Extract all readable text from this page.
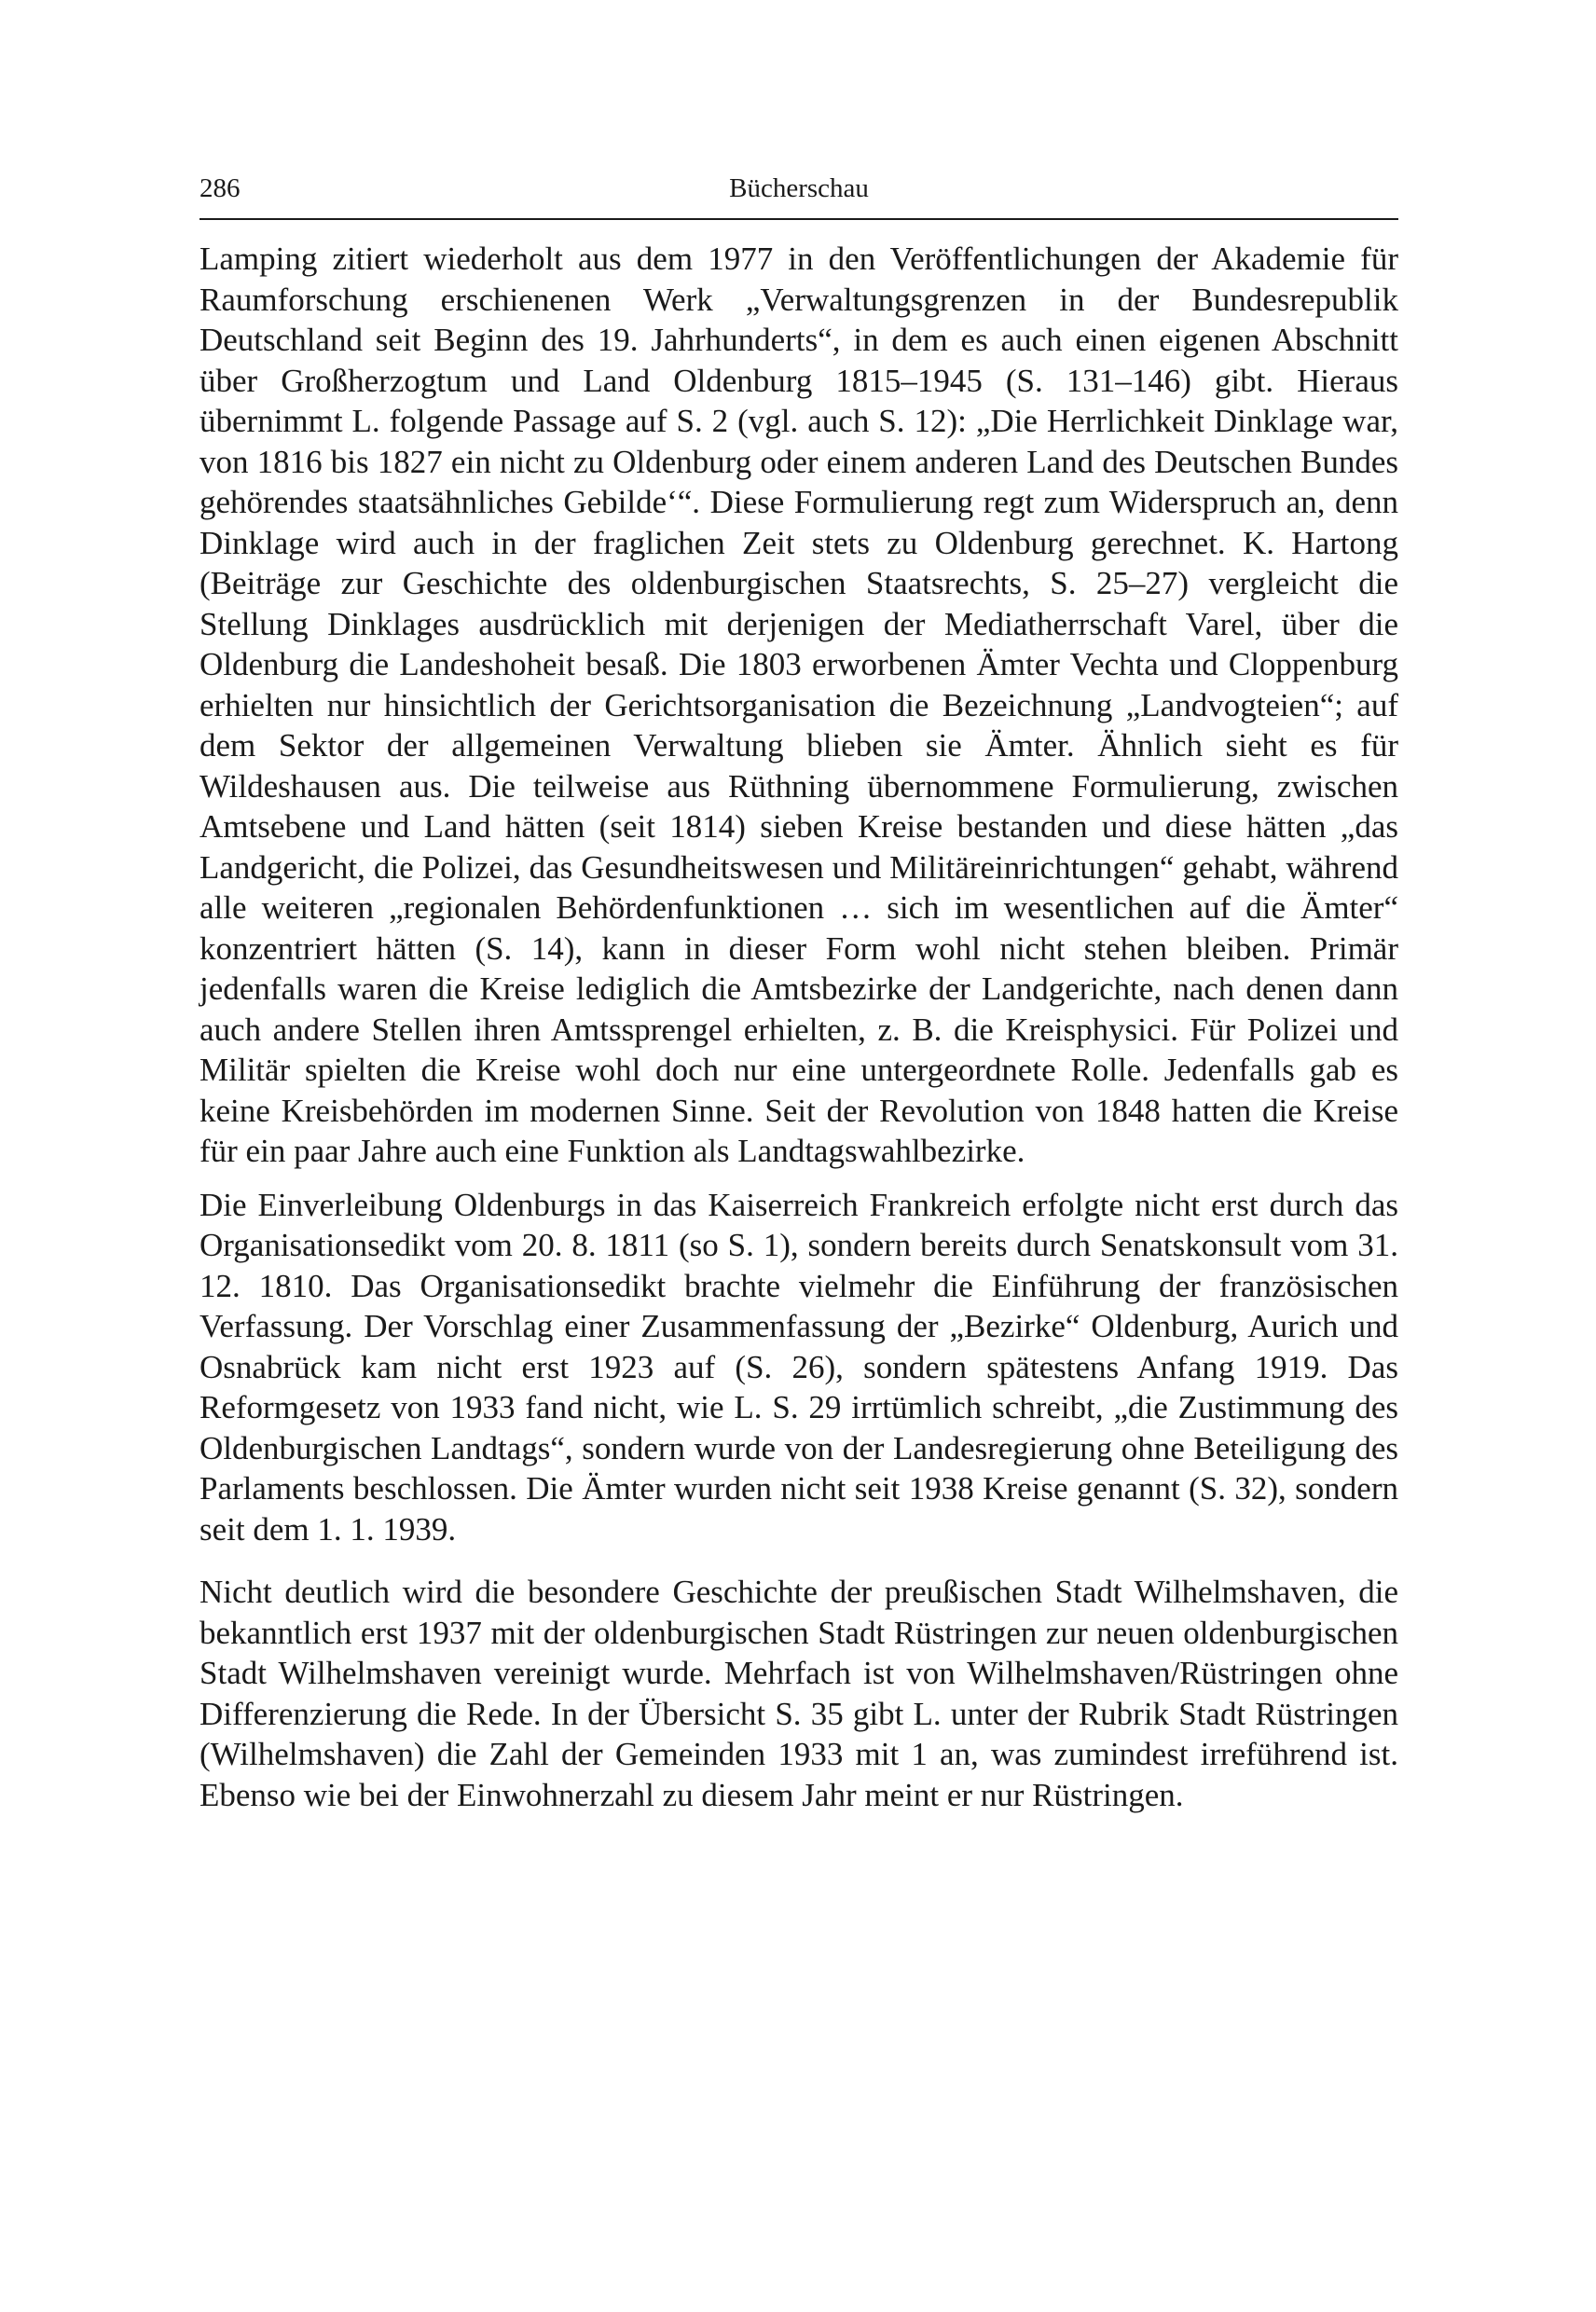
286	Bücherschau

Lamping zitiert wiederholt aus dem 1977 in den Veröffentlichungen der Akademie für Raumforschung erschienenen Werk „Verwaltungsgrenzen in der Bundesrepublik Deutschland seit Beginn des 19. Jahrhunderts“, in dem es auch einen eigenen Abschnitt über Großherzogtum und Land Oldenburg 1815–1945 (S. 131–146) gibt. Hieraus übernimmt L. folgende Passage auf S. 2 (vgl. auch S. 12): „Die Herrlichkeit Dinklage war, von 1816 bis 1827 ein nicht zu Oldenburg oder einem anderen Land des Deutschen Bundes gehörendes staatsähnliches Gebilde‘“. Diese Formulierung regt zum Widerspruch an, denn Dinklage wird auch in der fraglichen Zeit stets zu Oldenburg gerechnet. K. Hartong (Beiträge zur Geschichte des oldenburgischen Staatsrechts, S. 25–27) vergleicht die Stellung Dinklages ausdrücklich mit derjenigen der Mediatherrschaft Varel, über die Oldenburg die Landeshoheit besaß. Die 1803 erworbenen Ämter Vechta und Cloppenburg erhielten nur hinsichtlich der Gerichtsorganisation die Bezeichnung „Landvogteien“; auf dem Sektor der allgemeinen Verwaltung blieben sie Ämter. Ähnlich sieht es für Wildeshausen aus. Die teilweise aus Rüthning übernommene Formulierung, zwischen Amtsebene und Land hätten (seit 1814) sieben Kreise bestanden und diese hätten „das Landgericht, die Polizei, das Gesundheitswesen und Militäreinrichtungen“ gehabt, während alle weiteren „regionalen Behördenfunktionen … sich im wesentlichen auf die Ämter“ konzentriert hätten (S. 14), kann in dieser Form wohl nicht stehen bleiben. Primär jedenfalls waren die Kreise lediglich die Amtsbezirke der Landgerichte, nach denen dann auch andere Stellen ihren Amtssprengel erhielten, z. B. die Kreisphysici. Für Polizei und Militär spielten die Kreise wohl doch nur eine untergeordnete Rolle. Jedenfalls gab es keine Kreisbehörden im modernen Sinne. Seit der Revolution von 1848 hatten die Kreise für ein paar Jahre auch eine Funktion als Landtagswahlbezirke.

Die Einverleibung Oldenburgs in das Kaiserreich Frankreich erfolgte nicht erst durch das Organisationsedikt vom 20. 8. 1811 (so S. 1), sondern bereits durch Senatskonsult vom 31. 12. 1810. Das Organisationsedikt brachte vielmehr die Einführung der französischen Verfassung. Der Vorschlag einer Zusammenfassung der „Bezirke“ Oldenburg, Aurich und Osnabrück kam nicht erst 1923 auf (S. 26), sondern spätestens Anfang 1919. Das Reformgesetz von 1933 fand nicht, wie L. S. 29 irrtümlich schreibt, „die Zustimmung des Oldenburgischen Landtags“, sondern wurde von der Landesregierung ohne Beteiligung des Parlaments beschlossen. Die Ämter wurden nicht seit 1938 Kreise genannt (S. 32), sondern seit dem 1. 1. 1939.

Nicht deutlich wird die besondere Geschichte der preußischen Stadt Wilhelmshaven, die bekanntlich erst 1937 mit der oldenburgischen Stadt Rüstringen zur neuen oldenburgischen Stadt Wilhelmshaven vereinigt wurde. Mehrfach ist von Wilhelmshaven/Rüstringen ohne Differenzierung die Rede. In der Übersicht S. 35 gibt L. unter der Rubrik Stadt Rüstringen (Wilhelmshaven) die Zahl der Gemeinden 1933 mit 1 an, was zumindest irreführend ist. Ebenso wie bei der Einwohnerzahl zu diesem Jahr meint er nur Rüstringen.
